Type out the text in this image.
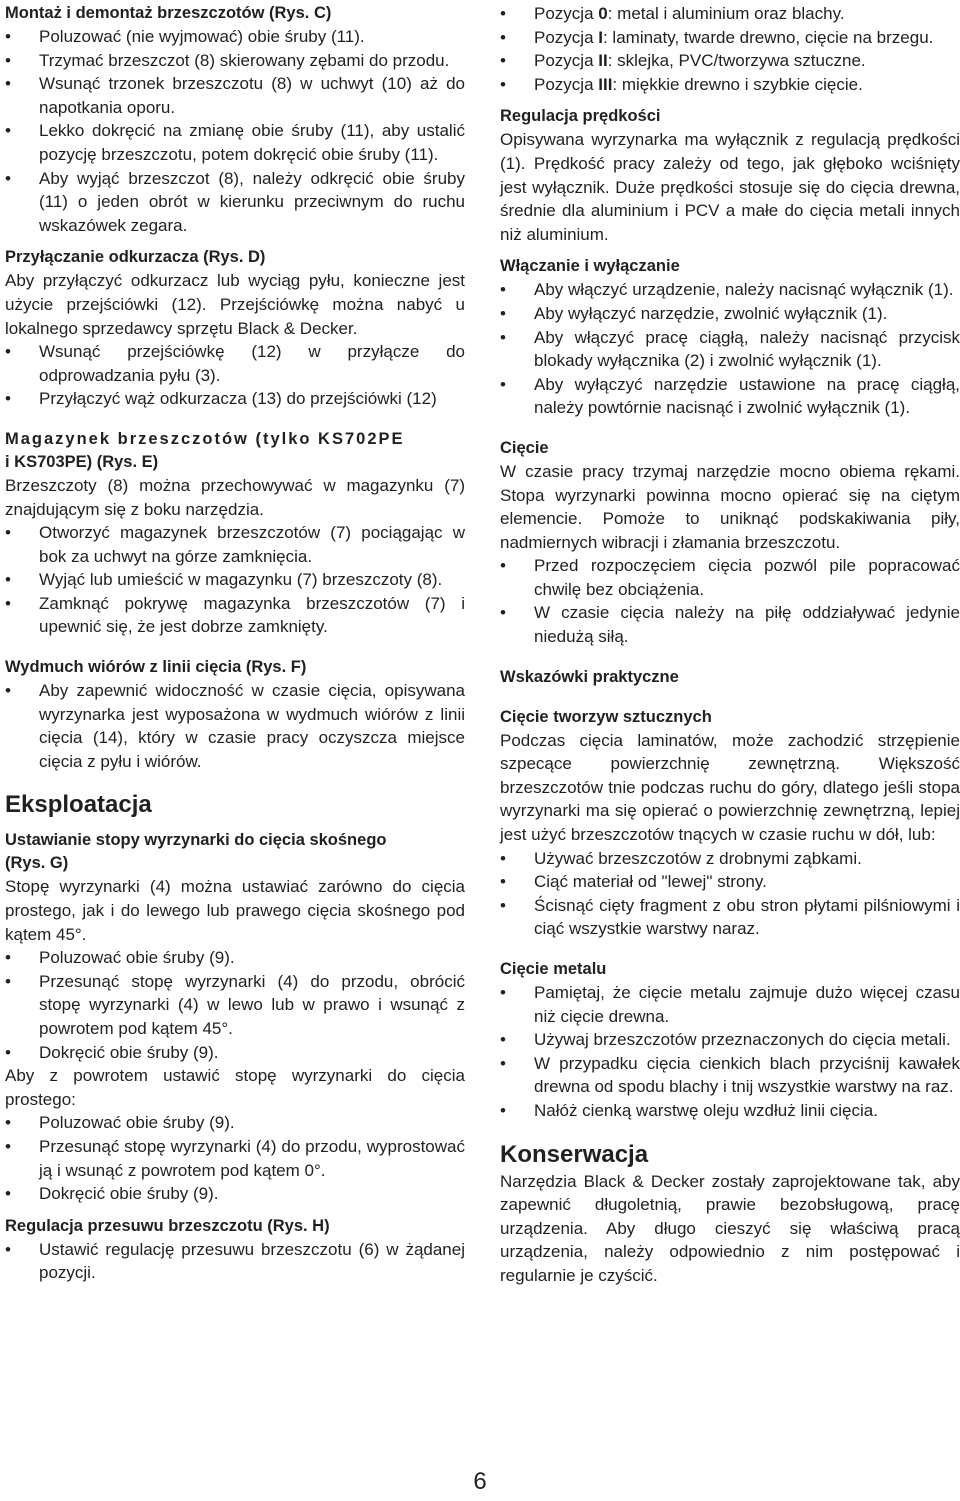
Montaż i demontaż brzeszczotów (Rys. C)
• Poluzować (nie wyjmować) obie śruby (11).
• Trzymać brzeszczot (8) skierowany zębami do przodu.
• Wsunąć trzonek brzeszczotu (8) w uchwyt (10) aż do napotkania oporu.
• Lekko dokręcić na zmianę obie śruby (11), aby ustalić pozycję brzeszczotu, potem dokręcić obie śruby (11).
• Aby wyjąć brzeszczot (8), należy odkręcić obie śruby (11) o jeden obrót w kierunku przeciwnym do ruchu wskazówek zegara.
Przyłączanie odkurzacza (Rys. D)

Aby przyłączyć odkurzacz lub wyciąg pyłu, konieczne jest użycie przejściówki (12). Przejściówkę można nabyć u lokalnego sprzedawcy sprzętu Black & Decker.

• Wsunąć przejściówkę (12) w przyłącze do odprowadzania pyłu (3).
• Przyłączyć wąż odkurzacza (13) do przejściówki (12)
Magazynek brzeszczotów (tylko KS702PE
i KS703PE) (Rys. E)

Brzeszczoty (8) można przechowywać w magazynku (7) znajdującym się z boku narzędzia.

• Otworzyć magazynek brzeszczotów (7) pociągając w bok za uchwyt na górze zamknięcia.
• Wyjąć lub umieścić w magazynku (7) brzeszczoty (8).
• Zamknąć pokrywę magazynka brzeszczotów (7) i upewnić się, że jest dobrze zamknięty.
Wydmuch wiórów z linii cięcia (Rys. F)
• Aby zapewnić widoczność w czasie cięcia, opisywana wyrzynarka jest wyposażona w wydmuch wiórów z linii cięcia (14), który w czasie pracy oczyszcza miejsce cięcia z pyłu i wiórów.
Eksploatacja
Ustawianie stopy wyrzynarki do cięcia skośnego
(Rys. G)

Stopę wyrzynarki (4) można ustawiać zarówno do cięcia prostego, jak i do lewego lub prawego cięcia skośnego pod kątem 45°.

• Poluzować obie śruby (9).
• Przesunąć stopę wyrzynarki (4) do przodu, obrócić stopę wyrzynarki (4) w lewo lub w prawo i wsunąć z powrotem pod kątem 45°.
• Dokręcić obie śruby (9).

Aby z powrotem ustawić stopę wyrzynarki do cięcia prostego:

• Poluzować obie śruby (9).
• Przesunąć stopę wyrzynarki (4) do przodu, wyprostować ją i wsunąć z powrotem pod kątem 0°.
• Dokręcić obie śruby (9).
Regulacja przesuwu brzeszczotu (Rys. H)
• Ustawić regulację przesuwu brzeszczotu (6) w żądanej pozycji.
• Pozycja 0: metal i aluminium oraz blachy.
• Pozycja I: laminaty, twarde drewno, cięcie na brzegu.
• Pozycja II: sklejka, PVC/tworzywa sztuczne.
• Pozycja III: miękkie drewno i szybkie cięcie.
Regulacja prędkości

Opisywana wyrzynarka ma wyłącznik z regulacją prędkości (1). Prędkość pracy zależy od tego, jak głęboko wciśnięty jest wyłącznik. Duże prędkości stosuje się do cięcia drewna, średnie dla aluminium i PCV a małe do cięcia metali innych niż aluminium.

Włączanie i wyłączanie
• Aby włączyć urządzenie, należy nacisnąć wyłącznik (1).
• Aby wyłączyć narzędzie, zwolnić wyłącznik (1).
• Aby włączyć pracę ciągłą, należy nacisnąć przycisk blokady wyłącznika (2) i zwolnić wyłącznik (1).
• Aby wyłączyć narzędzie ustawione na pracę ciągłą, należy powtórnie nacisnąć i zwolnić wyłącznik (1).
Cięcie

W czasie pracy trzymaj narzędzie mocno obiema rękami. Stopa wyrzynarki powinna mocno opierać się na ciętym elemencie. Pomoże to uniknąć podskakiwania piły, nadmiernych wibracji i złamania brzeszczotu.

• Przed rozpoczęciem cięcia pozwól pile popracować chwilę bez obciążenia.
• W czasie cięcia należy na piłę oddziaływać jedynie niedużą siłą.
Wskazówki praktyczne
Cięcie tworzyw sztucznych

Podczas cięcia laminatów, może zachodzić strzępienie szpecące powierzchnię zewnętrzną. Większość brzeszczotów tnie podczas ruchu do góry, dlatego jeśli stopa wyrzynarki ma się opierać o powierzchnię zewnętrzną, lepiej jest użyć brzeszczotów tnących w czasie ruchu w dół, lub:

• Używać brzeszczotów z drobnymi ząbkami.
• Ciąć materiał od "lewej" strony.
• Ścisnąć cięty fragment z obu stron płytami pilśniowymi i ciąć wszystkie warstwy naraz.
Cięcie metalu
• Pamiętaj, że cięcie metalu zajmuje dużo więcej czasu niż cięcie drewna.
• Używaj brzeszczotów przeznaczonych do cięcia metali.
• W przypadku cięcia cienkich blach przyciśnij kawałek drewna od spodu blachy i tnij wszystkie warstwy na raz.
• Nałóż cienką warstwę oleju wzdłuż linii cięcia.
Konserwacja

Narzędzia Black & Decker zostały zaprojektowane tak, aby zapewnić długoletnią, prawie bezobsługową, pracę urządzenia. Aby długo cieszyć się właściwą pracą urządzenia, należy odpowiednio z nim postępować i regularnie je czyścić.

6
